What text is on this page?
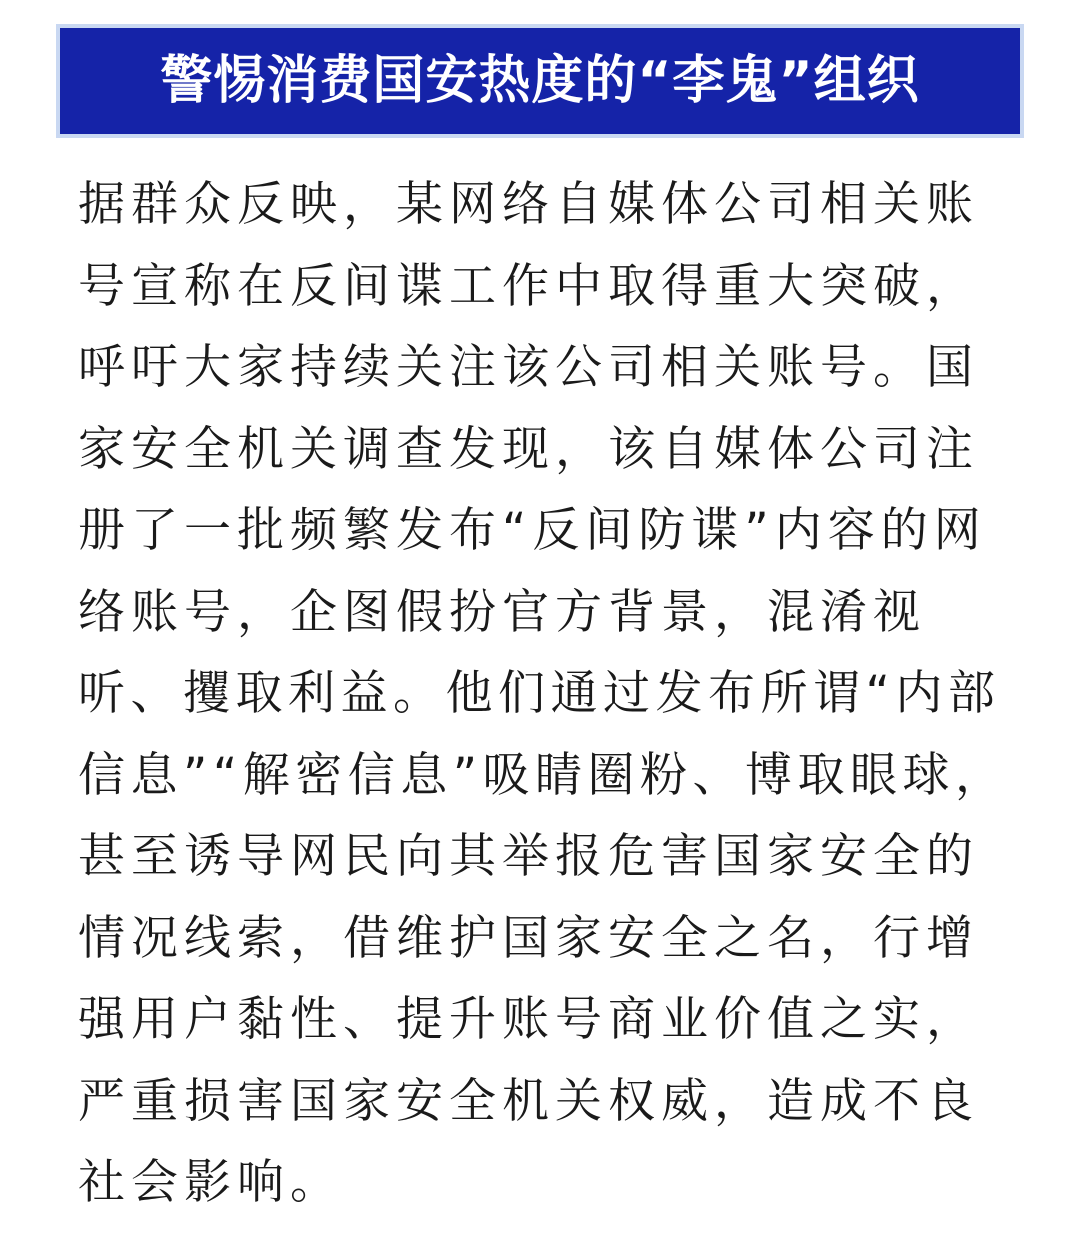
警惕消费国安热度的“李鬼”组织
据群众反映，某网络自媒体公司相关账
号宣称在反间谍工作中取得重大突破，
呼吁大家持续关注该公司相关账号。国
家安全机关调查发现，该自媒体公司注
册了一批频繁发布“反间防谍”内容的网
络账号，企图假扮官方背景，混淆视
听、攫取利益。他们通过发布所谓“内部
信息”“解密信息”吸睛圈粉、博取眼球，
甚至诱导网民向其举报危害国家安全的
情况线索，借维护国家安全之名，行增
强用户黏性、提升账号商业价值之实，
严重损害国家安全机关权威，造成不良
社会影响。
